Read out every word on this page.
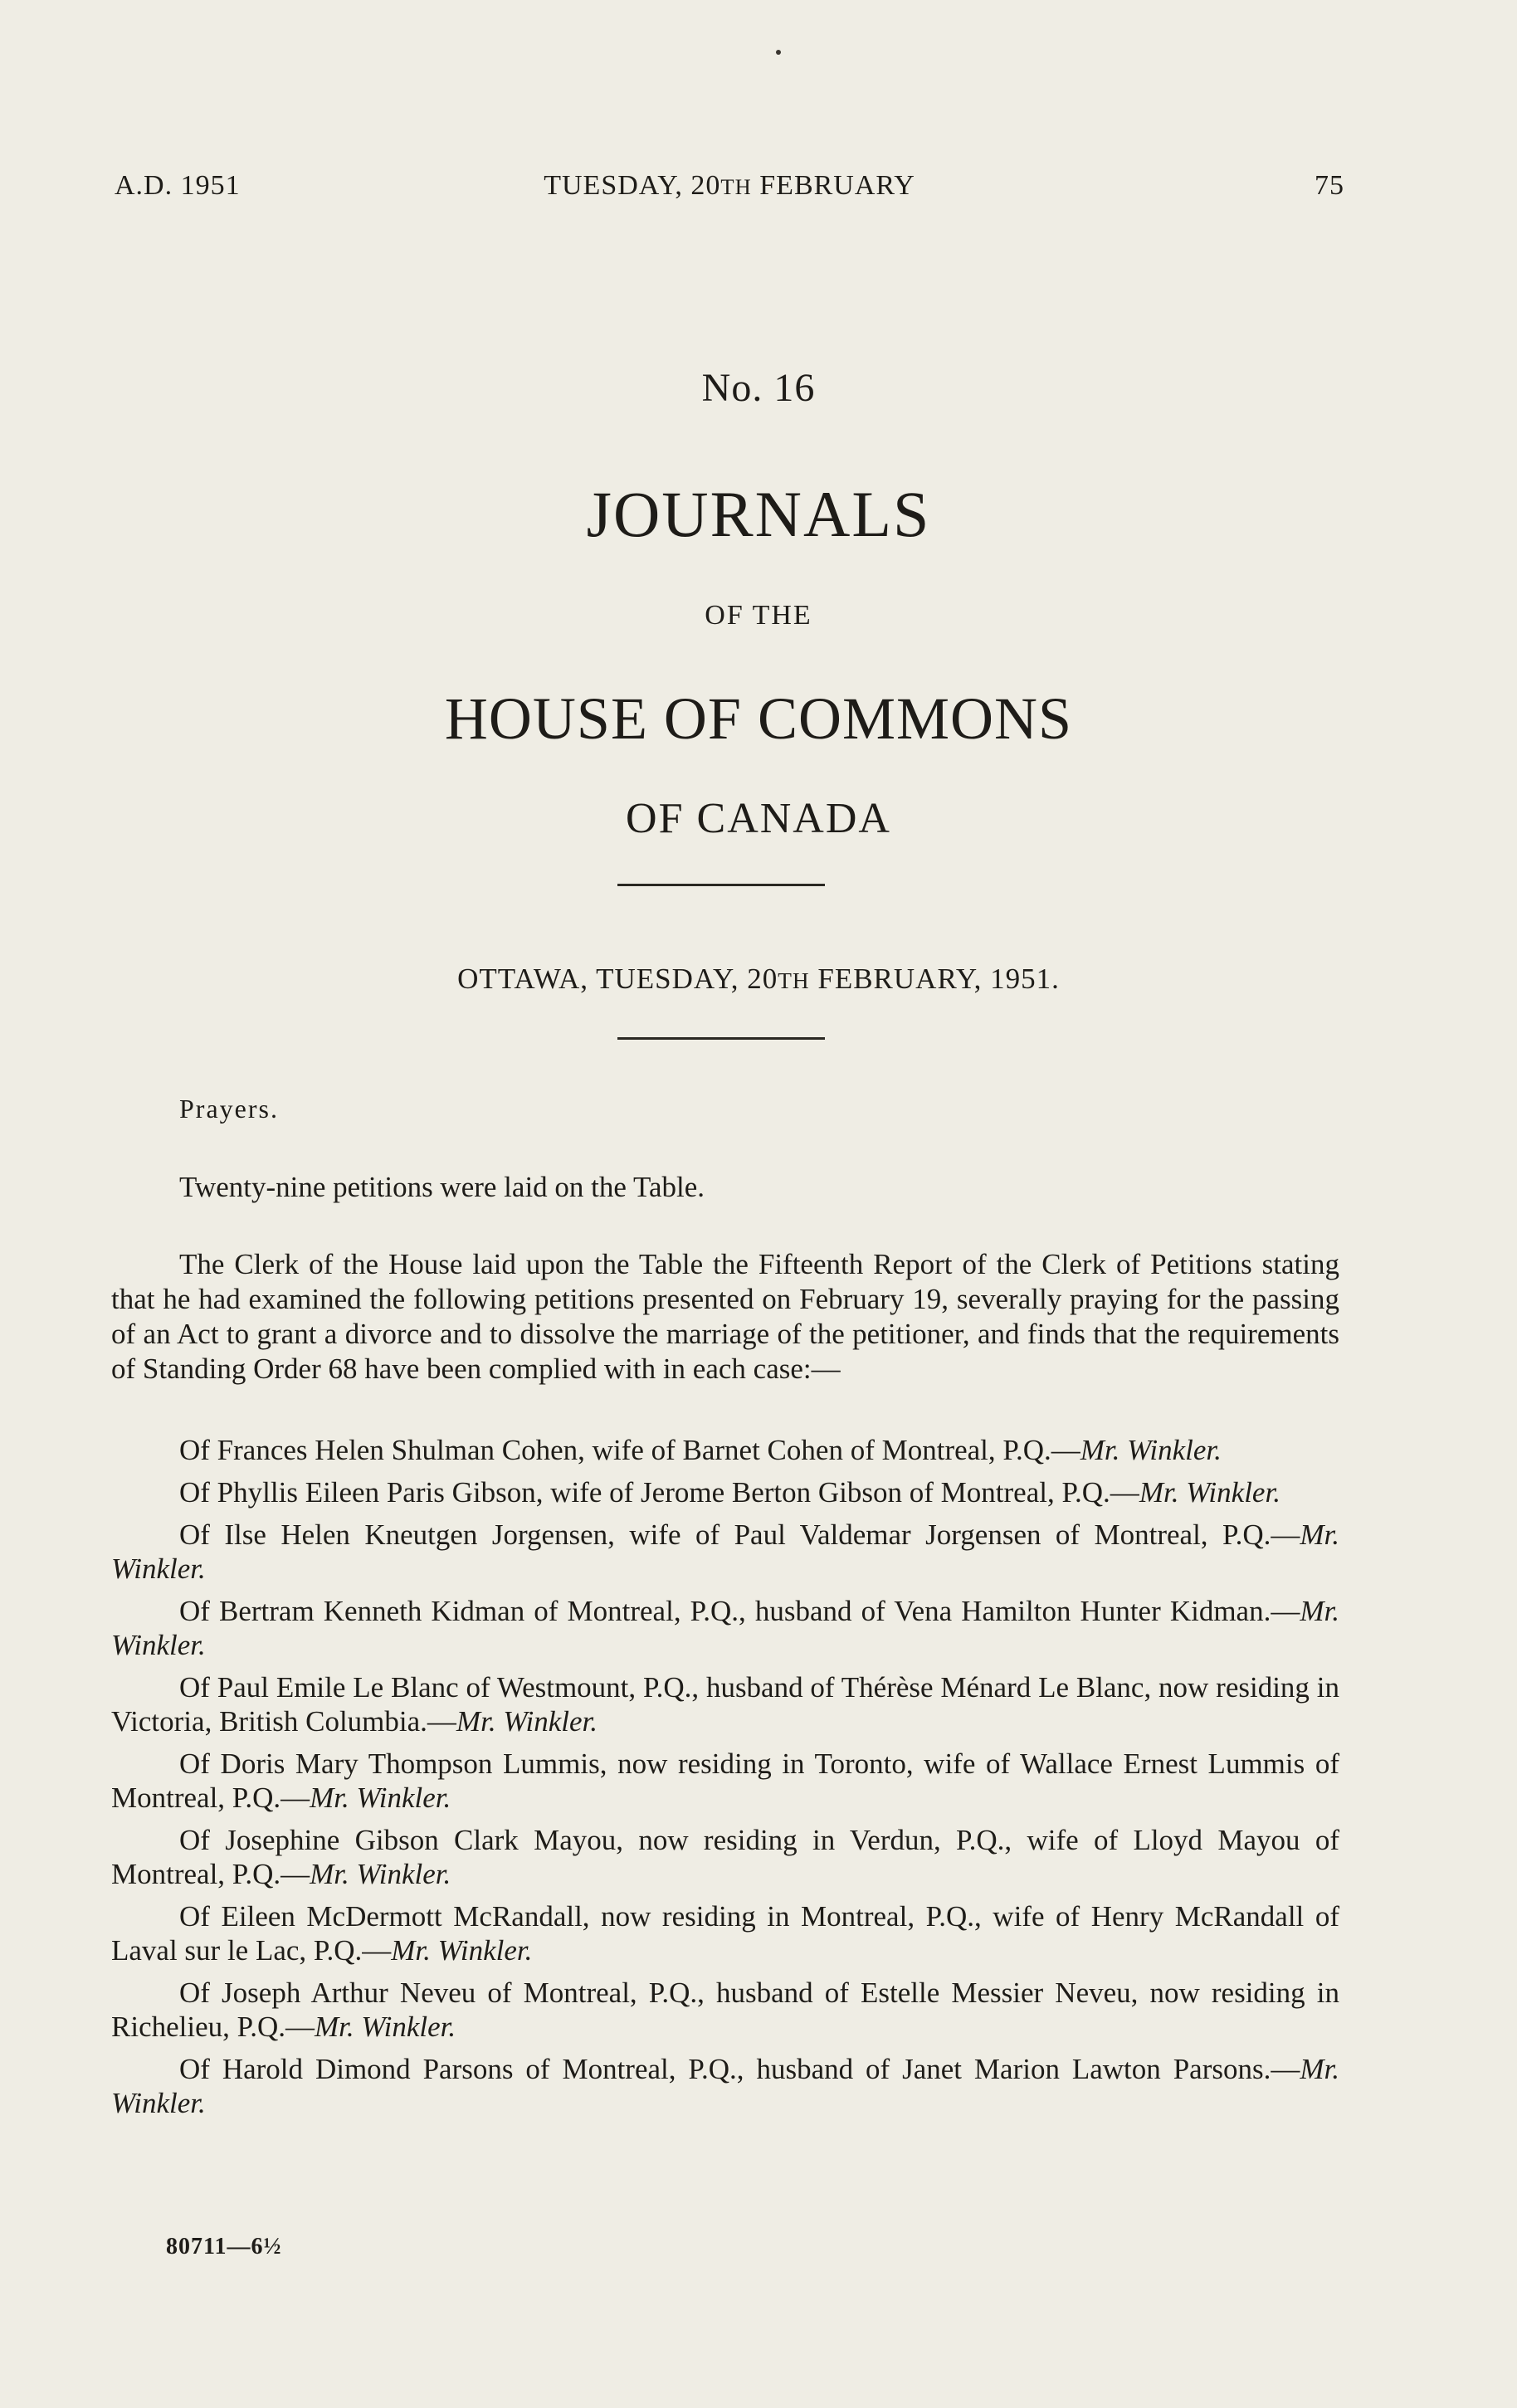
A.D. 1951	TUESDAY, 20TH FEBRUARY	75
No. 16
JOURNALS
OF THE
HOUSE OF COMMONS
OF CANADA
OTTAWA, TUESDAY, 20TH FEBRUARY, 1951.
Prayers.

Twenty-nine petitions were laid on the Table.

The Clerk of the House laid upon the Table the Fifteenth Report of the Clerk of Petitions stating that he had examined the following petitions presented on February 19, severally praying for the passing of an Act to grant a divorce and to dissolve the marriage of the petitioner, and finds that the requirements of Standing Order 68 have been complied with in each case:—

Of Frances Helen Shulman Cohen, wife of Barnet Cohen of Montreal, P.Q.—Mr. Winkler.

Of Phyllis Eileen Paris Gibson, wife of Jerome Berton Gibson of Montreal, P.Q.—Mr. Winkler.

Of Ilse Helen Kneutgen Jorgensen, wife of Paul Valdemar Jorgensen of Montreal, P.Q.—Mr. Winkler.

Of Bertram Kenneth Kidman of Montreal, P.Q., husband of Vena Hamilton Hunter Kidman.—Mr. Winkler.

Of Paul Emile Le Blanc of Westmount, P.Q., husband of Thérèse Ménard Le Blanc, now residing in Victoria, British Columbia.—Mr. Winkler.

Of Doris Mary Thompson Lummis, now residing in Toronto, wife of Wallace Ernest Lummis of Montreal, P.Q.—Mr. Winkler.

Of Josephine Gibson Clark Mayou, now residing in Verdun, P.Q., wife of Lloyd Mayou of Montreal, P.Q.—Mr. Winkler.

Of Eileen McDermott McRandall, now residing in Montreal, P.Q., wife of Henry McRandall of Laval sur le Lac, P.Q.—Mr. Winkler.

Of Joseph Arthur Neveu of Montreal, P.Q., husband of Estelle Messier Neveu, now residing in Richelieu, P.Q.—Mr. Winkler.

Of Harold Dimond Parsons of Montreal, P.Q., husband of Janet Marion Lawton Parsons.—Mr. Winkler.

80711—6½
